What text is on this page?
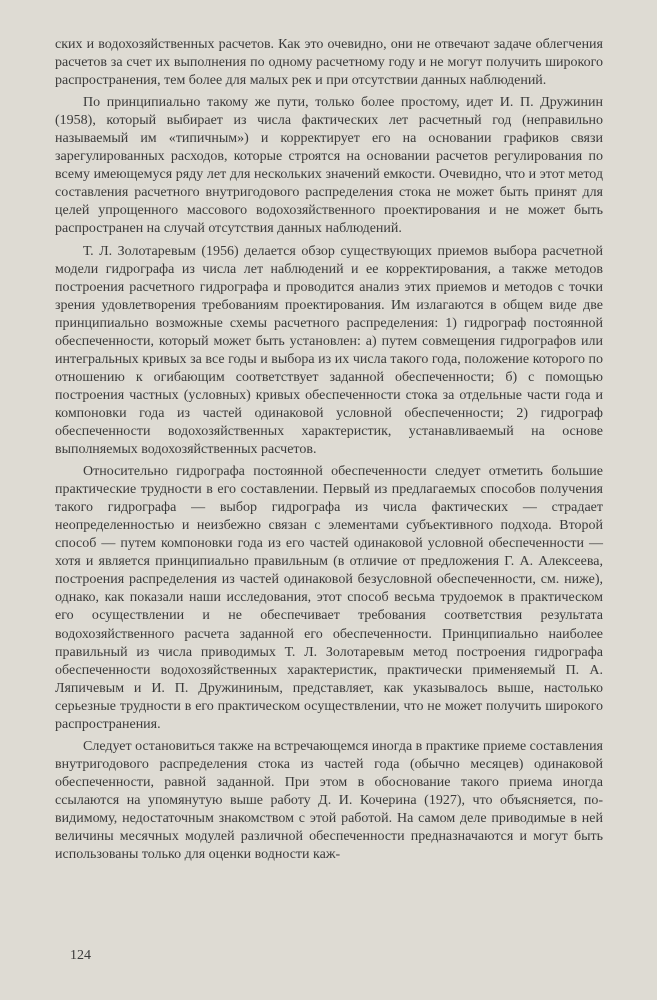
ских и водохозяйственных расчетов. Как это очевидно, они не отвечают задаче облегчения расчетов за счет их выполнения по одному расчетному году и не могут получить широкого распространения, тем более для малых рек и при отсутствии данных наблюдений.

По принципиально такому же пути, только более простому, идет И. П. Дружинин (1958), который выбирает из числа фактических лет расчетный год (неправильно называемый им «типичным») и корректирует его на основании графиков связи зарегулированных расходов, которые строятся на основании расчетов регулирования по всему имеющемуся ряду лет для нескольких значений емкости. Очевидно, что и этот метод составления расчетного внутригодового распределения стока не может быть принят для целей упрощенного массового водохозяйственного проектирования и не может быть распространен на случай отсутствия данных наблюдений.

Т. Л. Золотаревым (1956) делается обзор существующих приемов выбора расчетной модели гидрографа из числа лет наблюдений и ее корректирования, а также методов построения расчетного гидрографа и проводится анализ этих приемов и методов с точки зрения удовлетворения требованиям проектирования. Им излагаются в общем виде две принципиально возможные схемы расчетного распределения: 1) гидрограф постоянной обеспеченности, который может быть установлен: а) путем совмещения гидрографов или интегральных кривых за все годы и выбора из их числа такого года, положение которого по отношению к огибающим соответствует заданной обеспеченности; б) с помощью построения частных (условных) кривых обеспеченности стока за отдельные части года и компоновки года из частей одинаковой условной обеспеченности; 2) гидрограф обеспеченности водохозяйственных характеристик, устанавливаемый на основе выполняемых водохозяйственных расчетов.

Относительно гидрографа постоянной обеспеченности следует отметить большие практические трудности в его составлении. Первый из предлагаемых способов получения такого гидрографа — выбор гидрографа из числа фактических — страдает неопределенностью и неизбежно связан с элементами субъективного подхода. Второй способ — путем компоновки года из его частей одинаковой условной обеспеченности — хотя и является принципиально правильным (в отличие от предложения Г. А. Алексеева, построения распределения из частей одинаковой безусловной обеспеченности, см. ниже), однако, как показали наши исследования, этот способ весьма трудоемок в практическом его осуществлении и не обеспечивает требования соответствия результата водохозяйственного расчета заданной его обеспеченности. Принципиально наиболее правильный из числа приводимых Т. Л. Золотаревым метод построения гидрографа обеспеченности водохозяйственных характеристик, практически применяемый П. А. Ляпичевым и И. П. Дружининым, представляет, как указывалось выше, настолько серьезные трудности в его практическом осуществлении, что не может получить широкого распространения.

Следует остановиться также на встречающемся иногда в практике приеме составления внутригодового распределения стока из частей года (обычно месяцев) одинаковой обеспеченности, равной заданной. При этом в обоснование такого приема иногда ссылаются на упомянутую выше работу Д. И. Кочерина (1927), что объясняется, по-видимому, недостаточным знакомством с этой работой. На самом деле приводимые в ней величины месячных модулей различной обеспеченности предназначаются и могут быть использованы только для оценки водности каж-

124
